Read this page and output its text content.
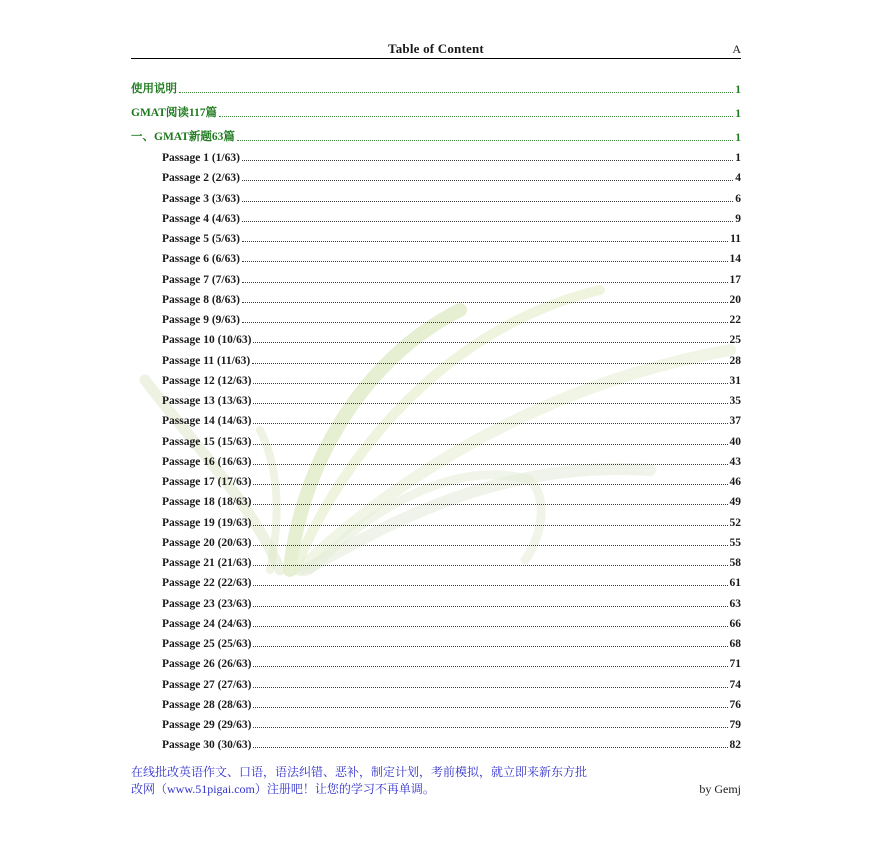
Table of Content	A
使用说明	1
GMAT阅读117篇	1
一、GMAT新题63篇	1
Passage 1 (1/63)	1
Passage 2 (2/63)	4
Passage 3 (3/63)	6
Passage 4 (4/63)	9
Passage 5 (5/63)	11
Passage 6 (6/63)	14
Passage 7 (7/63)	17
Passage 8 (8/63)	20
Passage 9 (9/63)	22
Passage 10 (10/63)	25
Passage 11 (11/63)	28
Passage 12 (12/63)	31
Passage 13 (13/63)	35
Passage 14 (14/63)	37
Passage 15 (15/63)	40
Passage 16 (16/63)	43
Passage 17 (17/63)	46
Passage 18 (18/63)	49
Passage 19 (19/63)	52
Passage 20 (20/63)	55
Passage 21 (21/63)	58
Passage 22 (22/63)	61
Passage 23 (23/63)	63
Passage 24 (24/63)	66
Passage 25 (25/63)	68
Passage 26 (26/63)	71
Passage 27 (27/63)	74
Passage 28 (28/63)	76
Passage 29 (29/63)	79
Passage 30 (30/63)	82
在线批改英语作文、口语，语法纠错、恶补，制定计划，考前模拟，就立即来新东方批
改网（www.51pigai.com）注册吧！让您的学习不再单调。	by Gemj
